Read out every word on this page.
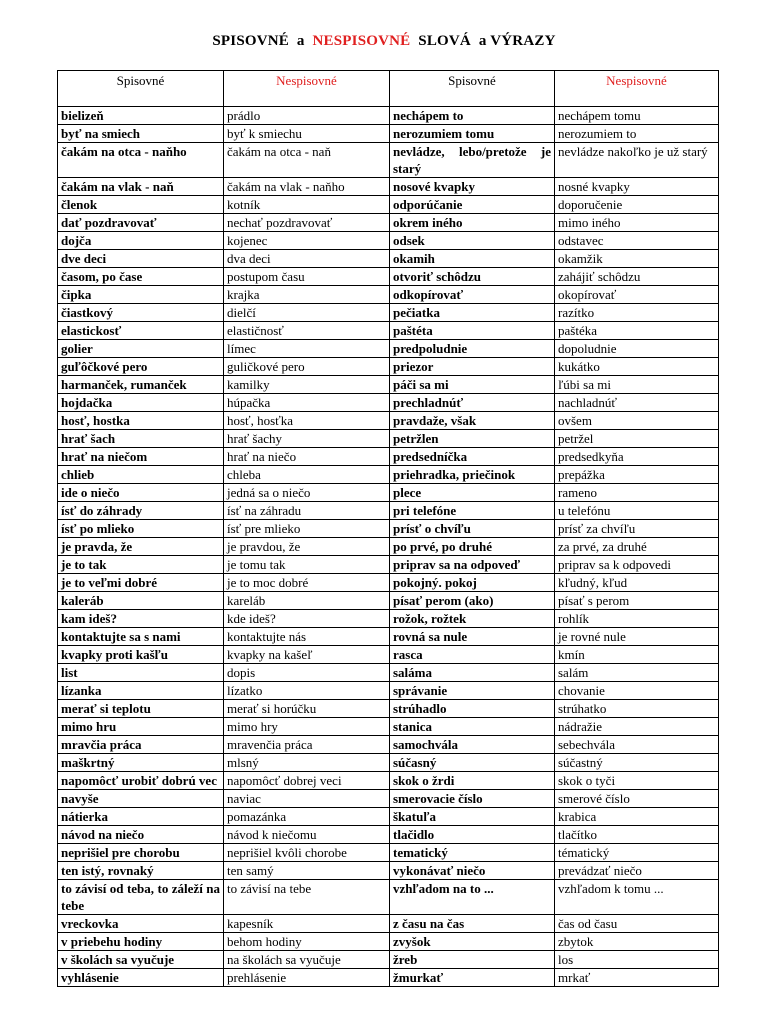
SPISOVNÉ  a  NESPISOVNÉ  SLOVÁ  a VÝRAZY
Spisovné	Nespisovné	Spisovné	Nespisovné
bielizeň	prádlo	nechápem to	nechápem tomu
byť na smiech	byť k smiechu	nerozumiem tomu	nerozumiem to
čakám na otca - naňho	čakám na otca - naň	nevládze, lebo/pretože je starý	nevládze nakoľko je už starý
čakám na vlak - naň	čakám na vlak - naňho	nosové kvapky	nosné kvapky
členok	kotník	odporúčanie	doporučenie
dať pozdravovať	nechať pozdravovať	okrem iného	mimo iného
dojča	kojenec	odsek	odstavec
dve deci	dva deci	okamih	okamžik
časom, po čase	postupom času	otvoriť schôdzu	zahájiť schôdzu
čipka	krajka	odkopírovať	okopírovať
čiastkový	dielčí	pečiatka	razítko
elastickosť	elastičnosť	paštéta	paštéka
golier	límec	predpoludnie	dopoludnie
guľôčkové pero	guličkové pero	priezor	kukátko
harmanček, rumanček	kamilky	páči sa mi	ľúbi sa mi
hojdačka	húpačka	prechladnúť	nachladnúť
hosť, hostka	hosť, hosťka	pravdaže, však	ovšem
hrať šach	hrať šachy	petržlen	petržel
hrať na niečom	hrať na niečo	predsedníčka	predsedkyňa
chlieb	chleba	priehradka, priečinok	prepážka
ide o niečo	jedná sa o niečo	plece	rameno
ísť do záhrady	ísť na záhradu	pri telefóne	u telefónu
ísť po mlieko	ísť pre mlieko	prísť o chvíľu	prísť za chvíľu
je pravda, že	je pravdou, že	po prvé, po druhé	za prvé, za druhé
je to tak	je tomu tak	priprav sa na odpoveď	priprav sa k odpovedi
je to veľmi dobré	je to moc dobré	pokojný. pokoj	kľudný, kľud
kaleráb	kareláb	písať perom (ako)	písať s perom
kam ideš?	kde ideš?	rožok, rožtek	rohlík
kontaktujte sa s nami	kontaktujte nás	rovná sa nule	je rovné nule
kvapky proti kašľu	kvapky na kašeľ	rasca	kmín
list	dopis	saláma	salám
lízanka	lízatko	správanie	chovanie
merať si teplotu	merať si horúčku	strúhadlo	strúhatko
mimo hru	mimo hry	stanica	nádražie
mravčia práca	mravenčia práca	samochvála	sebechvála
maškrtný	mlsný	súčasný	súčastný
napomôcť urobiť dobrú vec	napomôcť dobrej veci	skok o žrdi	skok o tyči
navyše	naviac	smerovacie číslo	smerové číslo
nátierka	pomazánka	škatuľa	krabica
návod na niečo	návod k niečomu	tlačidlo	tlačítko
neprišiel pre chorobu	neprišiel kvôli chorobe	tematický	tématický
ten istý, rovnaký	ten samý	vykonávať niečo	prevádzať niečo
to závisí od teba, to záleží na tebe	to závisí na tebe	vzhľadom na to ...	vzhľadom k tomu ...
vreckovka	kapesník	z času na čas	čas od času
v priebehu hodiny	behom hodiny	zvyšok	zbytok
v školách sa vyučuje	na školách sa vyučuje	žreb	los
vyhlásenie	prehlásenie	žmurkať	mrkať
